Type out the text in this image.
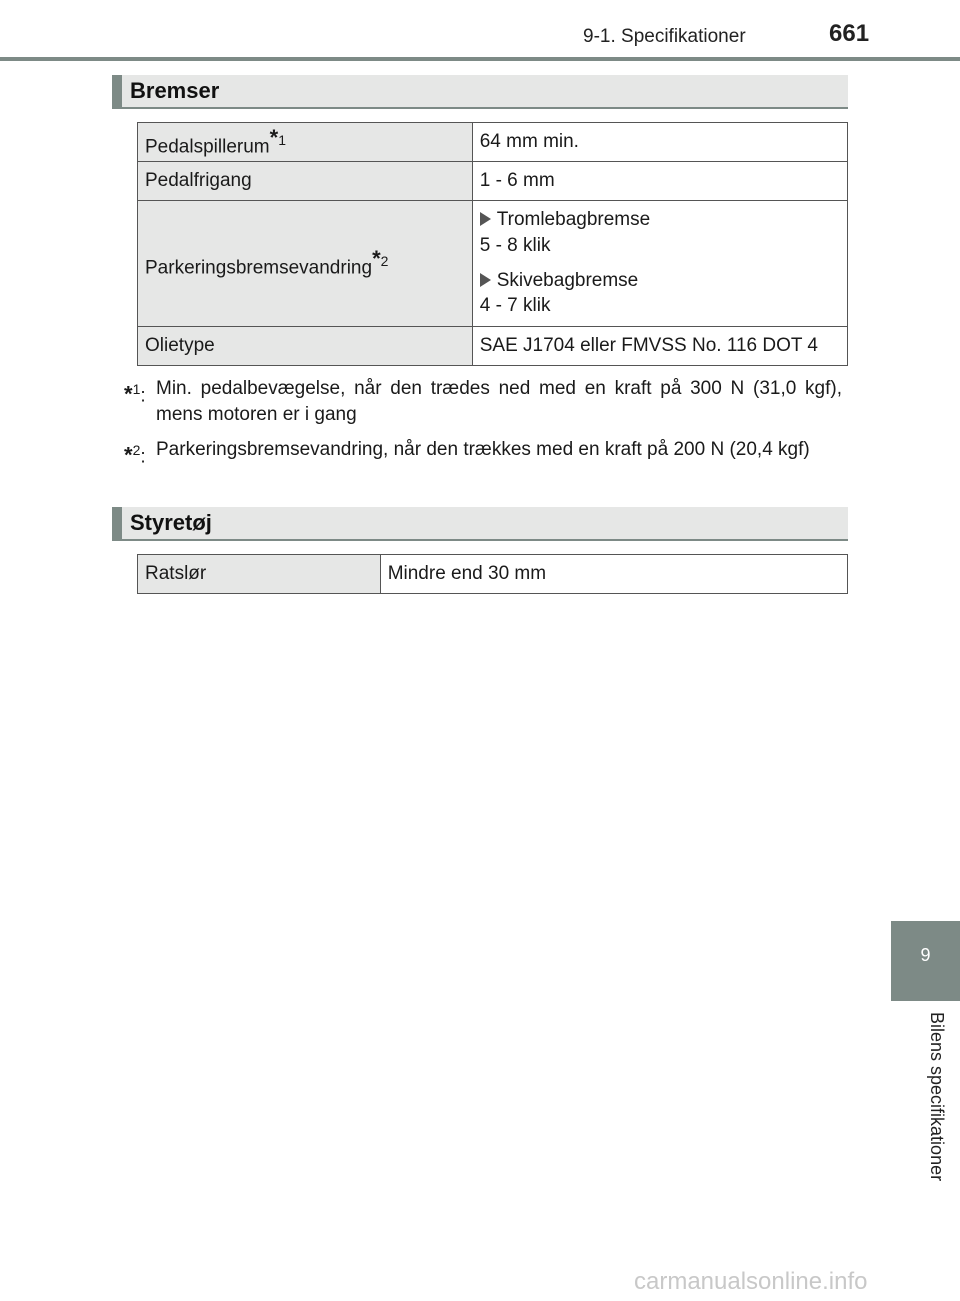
9-1. Specifikationer	661
Bremser
Pedalspillerum$^{*1}$	64 mm min.
Pedalfrigang	1 - 6 mm
Parkeringsbremsevandring$^{*2}$	Tromlebagbremse
5 - 8 klik
Skivebagbremse
4 - 7 klik

Olietype	SAE J1704 eller FMVSS No. 116 DOT 4
*$^1$: Min. pedalbevægelse, når den trædes ned med en kraft på 300 N (31,0 kgf), mens motoren er i gang
*$^2$: Parkeringsbremsevandring, når den trækkes med en kraft på 200 N (20,4 kgf)
Styretøj
Ratslør	Mindre end 30 mm
9
Bilens specifikationer
carmanualsonline.info
